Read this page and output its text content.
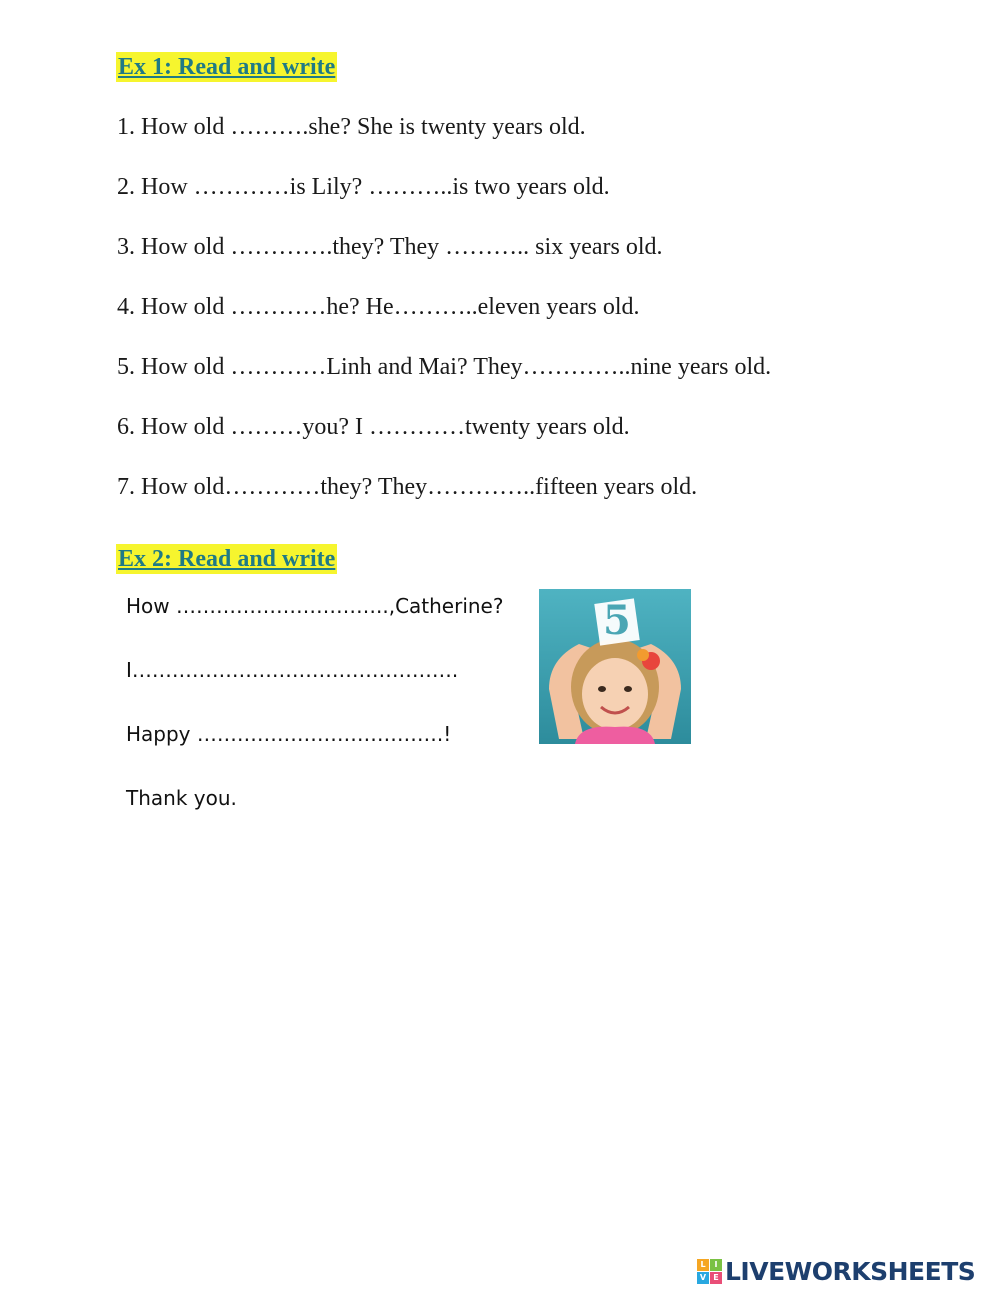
Ex 1: Read and write
1. How old ……….she? She is twenty years old.
2. How …………is Lily? ………..is two years old.
3. How old ………….they? They ……….. six years old.
4. How old …………he? He………..eleven years old.
5. How old …………Linh and Mai? They…………..nine years old.
6. How old ………you? I …………twenty years old.
7. How old…………they? They…………..fifteen years old.
Ex 2: Read and write
How …………………………..,Catherine?
I………………………………………….
Happy ……………………………….!
Thank you.
5
L	I
V E LIVEWORKSHEETS
